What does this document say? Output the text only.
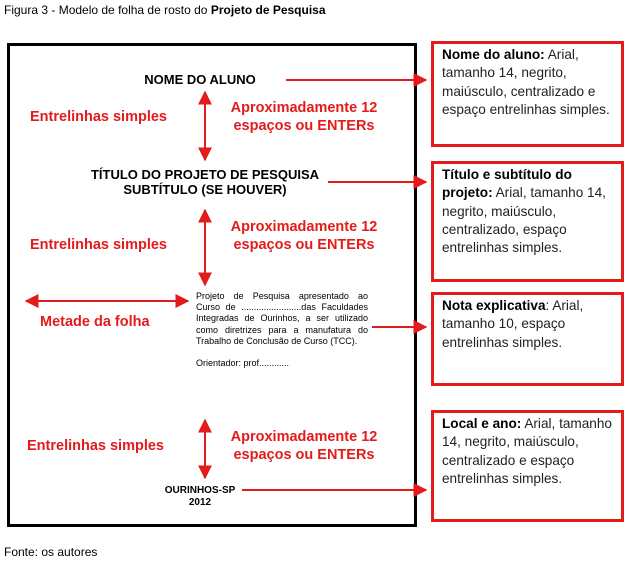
Figura 3 - Modelo de folha de rosto do Projeto de Pesquisa
NOME DO ALUNO
Entrelinhas simples
Aproximadamente 12
espaços ou ENTERs
TÍTULO DO PROJETO DE PESQUISA
SUBTÍTULO (SE HOUVER)
Entrelinhas simples
Aproximadamente 12
espaços ou ENTERs
Metade da folha

Projeto de Pesquisa apresentado ao Curso de ........................das Faculdades Integradas de Ourinhos, a ser utilizado como diretrizes para a manufatura do Trabalho de Conclusão de Curso (TCC).

Orientador: prof............

Entrelinhas simples
Aproximadamente 12
espaços ou ENTERs
OURINHOS-SP
2012
Nome do aluno: Arial, tamanho 14, negrito, maiúsculo, centralizado e espaço entrelinhas simples.
Título e subtítulo do projeto: Arial, tamanho 14, negrito, maiúsculo, centralizado, espaço entrelinhas simples.
Nota explicativa: Arial, tamanho 10, espaço entrelinhas simples.
Local e ano: Arial, tamanho 14, negrito, maiúsculo, centralizado e espaço entrelinhas simples.
Fonte: os autores
